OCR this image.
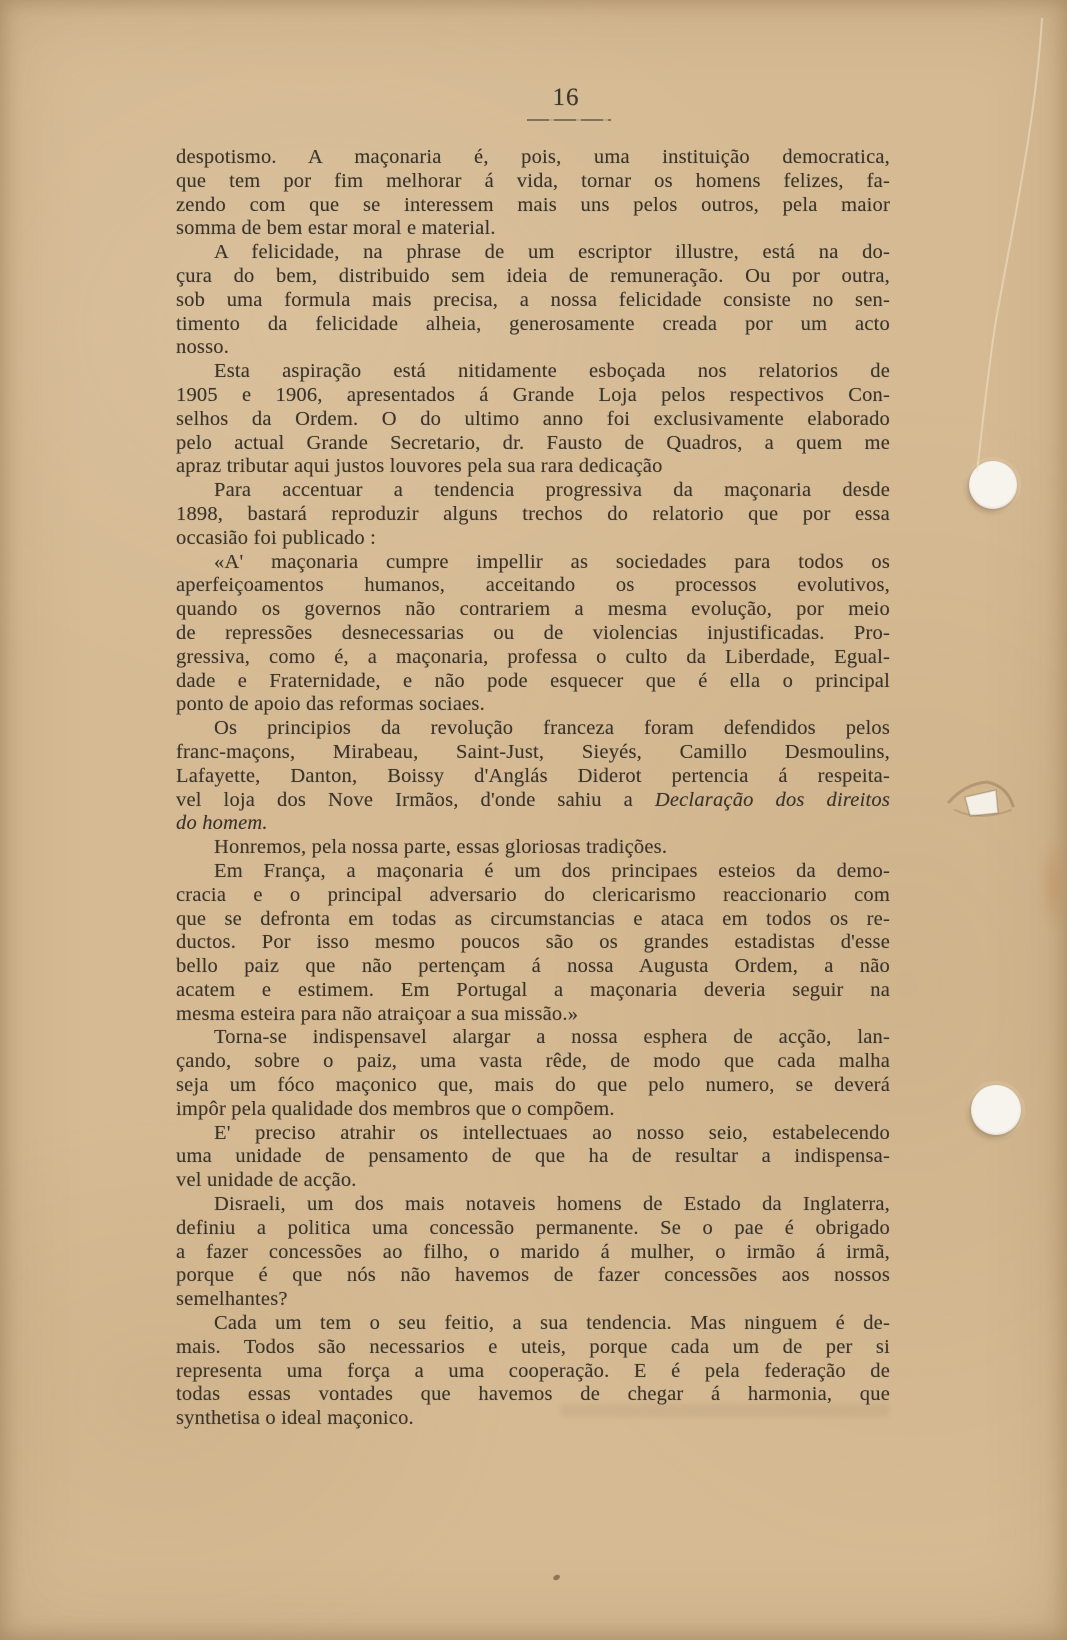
16
despotismo. A maçonaria é, pois, uma instituição democratica,
que tem por fim melhorar á vida, tornar os homens felizes, fa-
zendo com que se interessem mais uns pelos outros, pela maior
somma de bem estar moral e material.
A felicidade, na phrase de um escriptor illustre, está na do-
çura do bem, distribuido sem ideia de remuneração. Ou por outra,
sob uma formula mais precisa, a nossa felicidade consiste no sen-
timento da felicidade alheia, generosamente creada por um acto
nosso.
Esta aspiração está nitidamente esboçada nos relatorios de
1905 e 1906, apresentados á Grande Loja pelos respectivos Con-
selhos da Ordem. O do ultimo anno foi exclusivamente elaborado
pelo actual Grande Secretario, dr. Fausto de Quadros, a quem me
apraz tributar aqui justos louvores pela sua rara dedicação
Para accentuar a tendencia progressiva da maçonaria desde
1898, bastará reproduzir alguns trechos do relatorio que por essa
occasião foi publicado :
«A' maçonaria cumpre impellir as sociedades para todos os
aperfeiçoamentos humanos, acceitando os processos evolutivos,
quando os governos não contrariem a mesma evolução, por meio
de repressões desnecessarias ou de violencias injustificadas. Pro-
gressiva, como é, a maçonaria, professa o culto da Liberdade, Egual-
dade e Fraternidade, e não pode esquecer que é ella o principal
ponto de apoio das reformas sociaes.
Os principios da revolução franceza foram defendidos pelos
franc-maçons, Mirabeau, Saint-Just, Sieyés, Camillo Desmoulins,
Lafayette, Danton, Boissy d'Anglás Diderot pertencia á respeita-
vel loja dos Nove Irmãos, d'onde sahiu a Declaração dos direitos
do homem.
Honremos, pela nossa parte, essas gloriosas tradições.
Em França, a maçonaria é um dos principaes esteios da demo-
cracia e o principal adversario do clericarismo reaccionario com
que se defronta em todas as circumstancias e ataca em todos os re-
ductos. Por isso mesmo poucos são os grandes estadistas d'esse
bello paiz que não pertençam á nossa Augusta Ordem, a não
acatem e estimem. Em Portugal a maçonaria deveria seguir na
mesma esteira para não atraiçoar a sua missão.»
Torna-se indispensavel alargar a nossa esphera de acção, lan-
çando, sobre o paiz, uma vasta rêde, de modo que cada malha
seja um fóco maçonico que, mais do que pelo numero, se deverá
impôr pela qualidade dos membros que o compõem.
E' preciso atrahir os intellectuaes ao nosso seio, estabelecendo
uma unidade de pensamento de que ha de resultar a indispensa-
vel unidade de acção.
Disraeli, um dos mais notaveis homens de Estado da Inglaterra,
definiu a politica uma concessão permanente. Se o pae é obrigado
a fazer concessões ao filho, o marido á mulher, o irmão á irmã,
porque é que nós não havemos de fazer concessões aos nossos
semelhantes?
Cada um tem o seu feitio, a sua tendencia. Mas ninguem é de-
mais. Todos são necessarios e uteis, porque cada um de per si
representa uma força a uma cooperação. E é pela federação de
todas essas vontades que havemos de chegar á harmonia, que
synthetisa o ideal maçonico.
